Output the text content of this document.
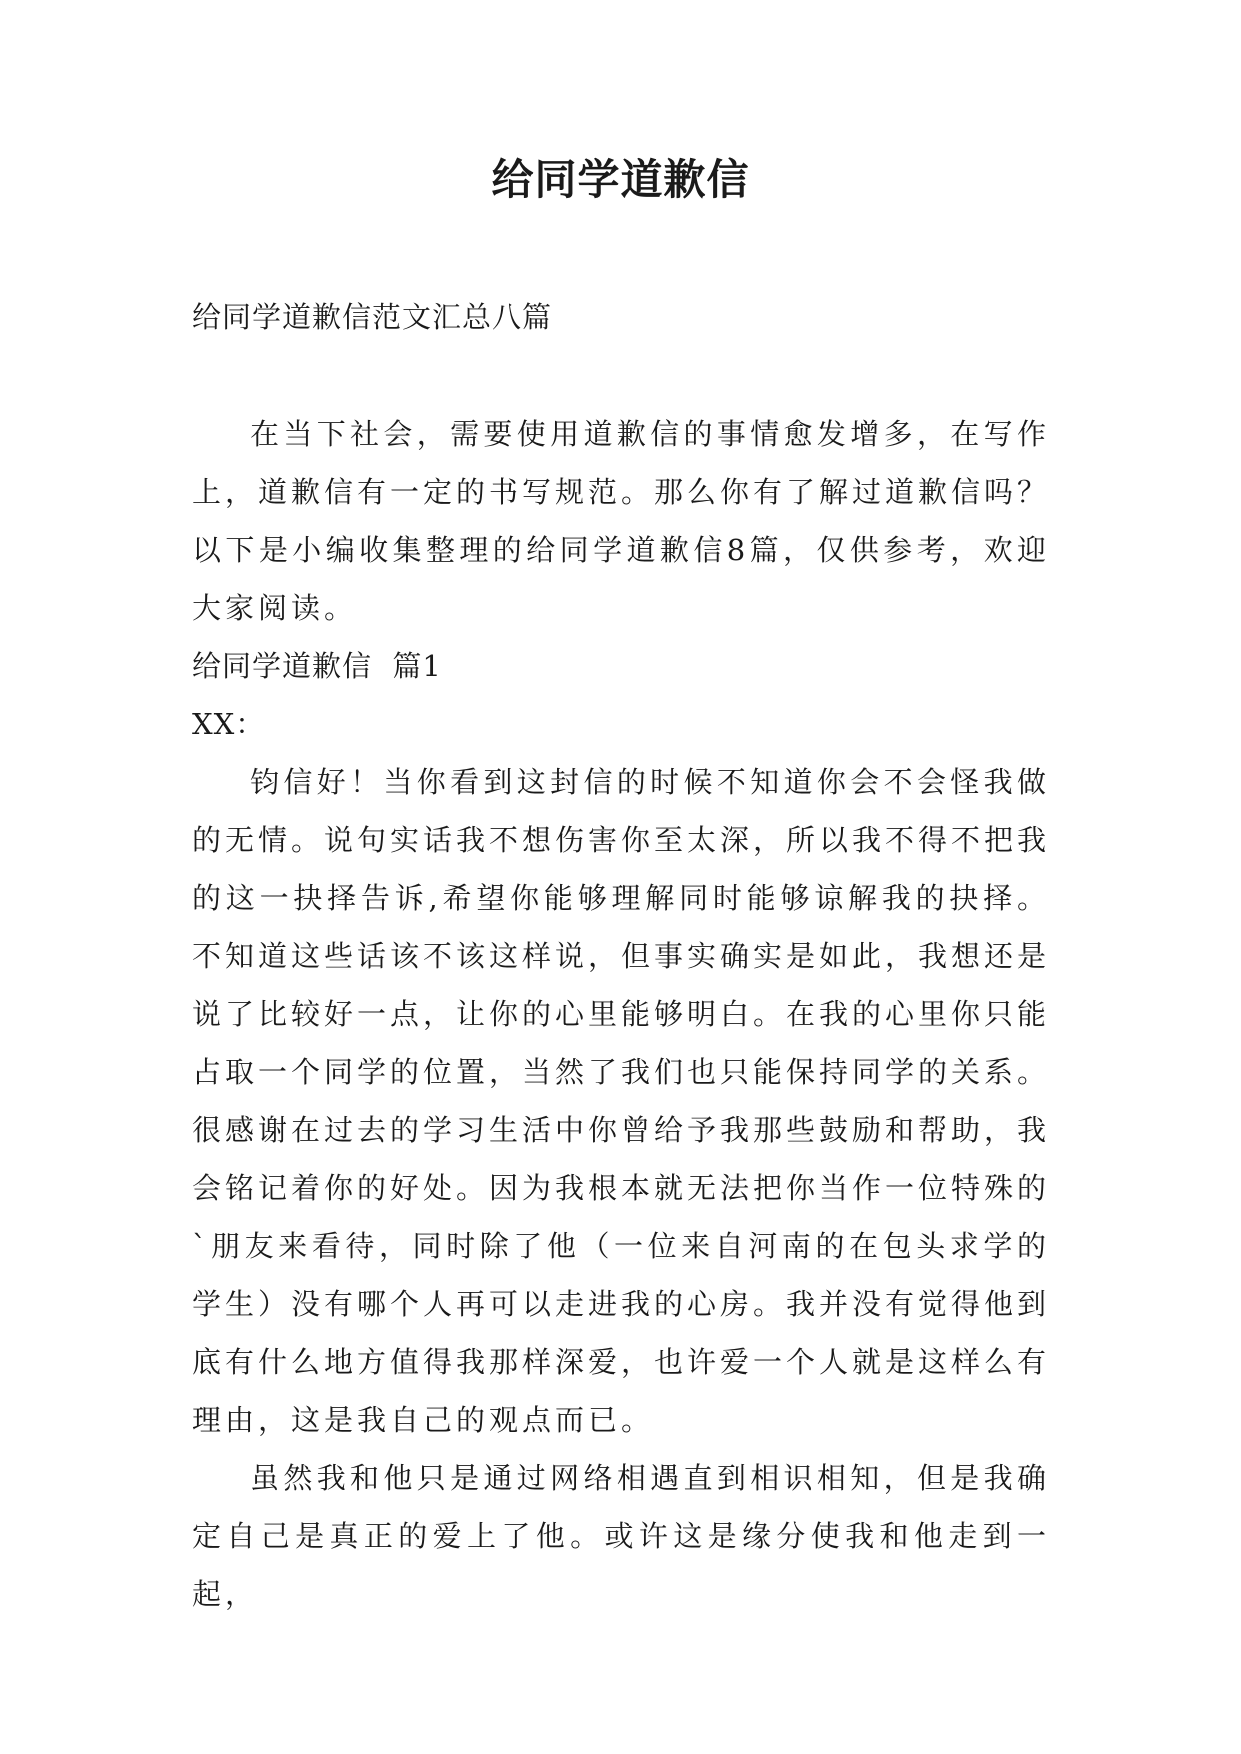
给同学道歉信

给同学道歉信范文汇总八篇

在当下社会，需要使用道歉信的事情愈发增多，在写作上，道歉信有一定的书写规范。那么你有了解过道歉信吗？以下是小编收集整理的给同学道歉信8篇，仅供参考，欢迎大家阅读。

给同学道歉信  篇1

XX：

钧信好！当你看到这封信的时候不知道你会不会怪我做的无情。说句实话我不想伤害你至太深，所以我不得不把我的这一抉择告诉,希望你能够理解同时能够谅解我的抉择。不知道这些话该不该这样说，但事实确实是如此，我想还是说了比较好一点，让你的心里能够明白。在我的心里你只能占取一个同学的位置，当然了我们也只能保持同学的关系。很感谢在过去的学习生活中你曾给予我那些鼓励和帮助，我会铭记着你的好处。因为我根本就无法把你当作一位特殊的`朋友来看待，同时除了他（一位来自河南的在包头求学的学生）没有哪个人再可以走进我的心房。我并没有觉得他到底有什么地方值得我那样深爱，也许爱一个人就是这样么有理由，这是我自己的观点而已。

虽然我和他只是通过网络相遇直到相识相知，但是我确定自己是真正的爱上了他。或许这是缘分使我和他走到一起，
